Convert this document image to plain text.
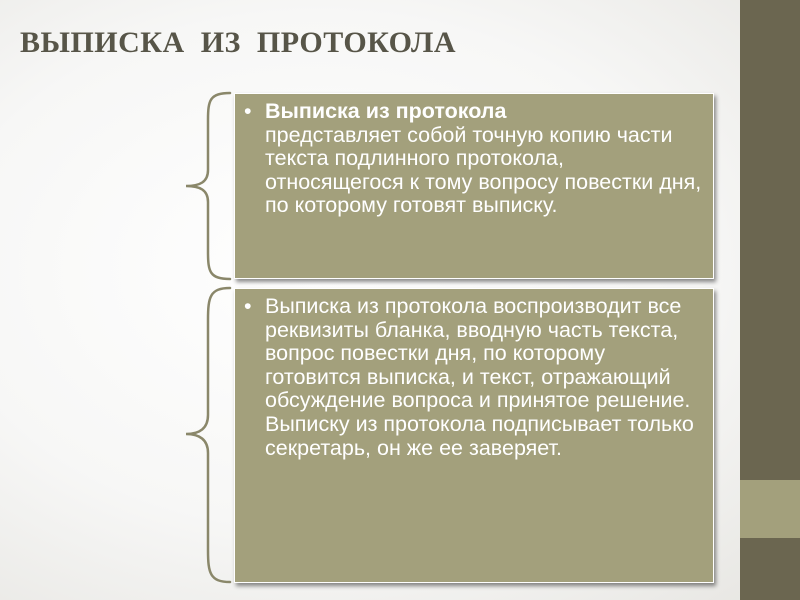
ВЫПИСКА  ИЗ  ПРОТОКОЛА
• Выписка из протокола
представляет собой точную копию части текста подлинного протокола, относящегося к тому вопросу повестки дня, по которому готовят выписку.

• Выписка из протокола воспроизводит все реквизиты бланка, вводную часть текста, вопрос повестки дня, по которому готовится выписка, и текст, отражающий обсуждение вопроса и принятое решение. Выписку из протокола подписывает только секретарь, он же ее заверяет.
